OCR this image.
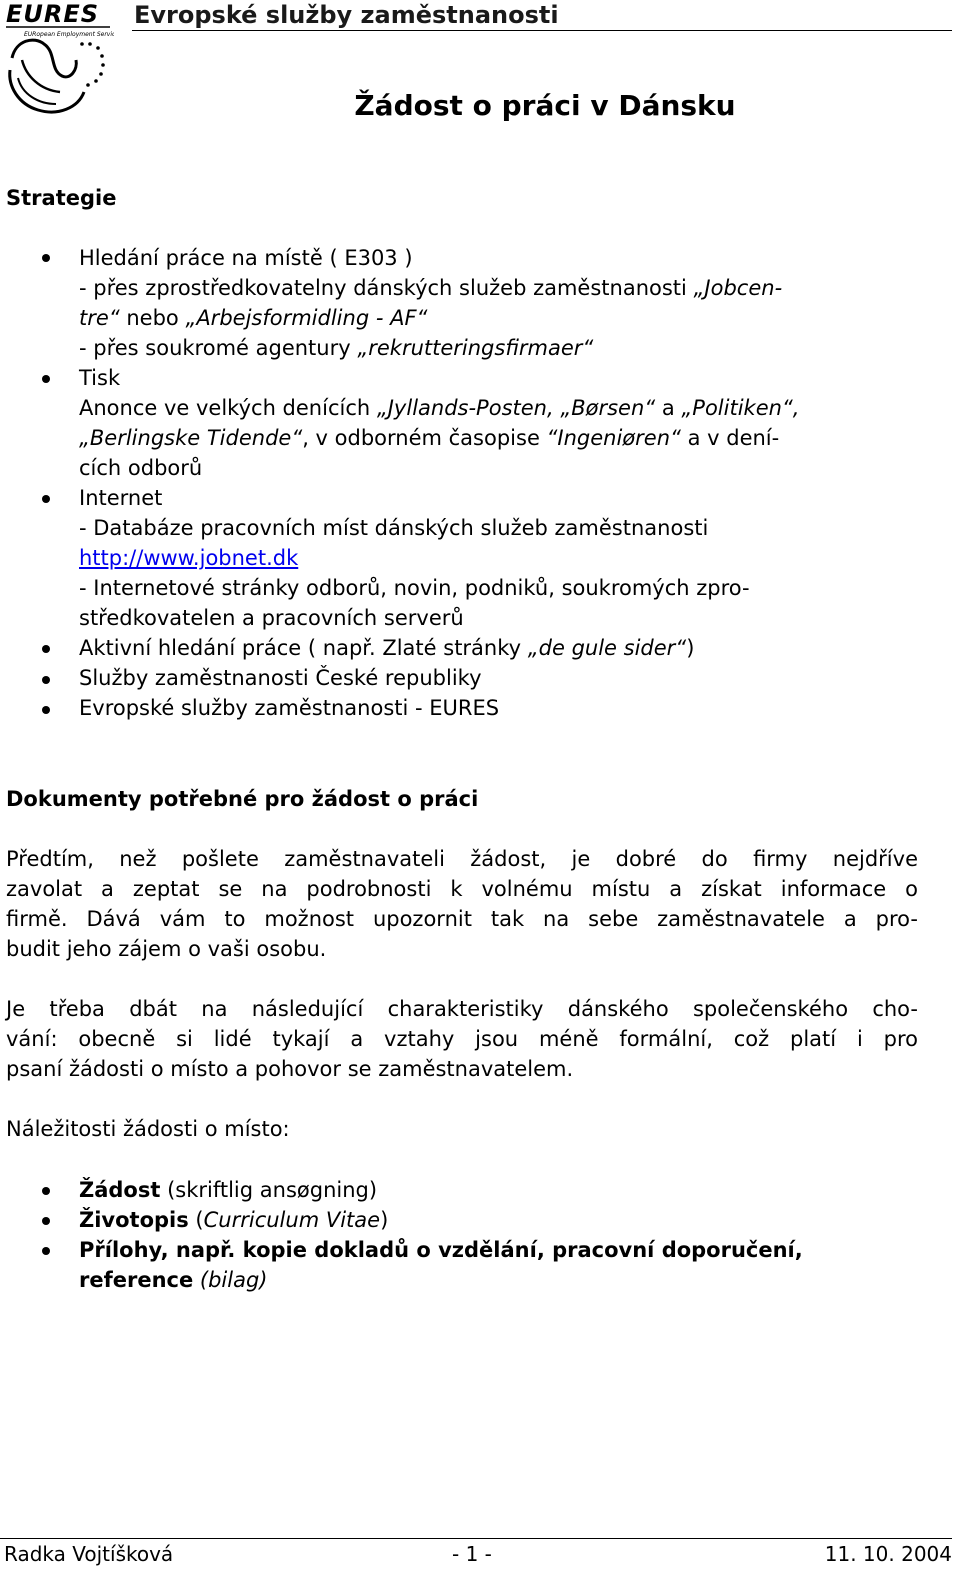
EURES
EURopean Employment Services
Evropské služby zaměstnanosti
Žádost o práci v Dánsku
Strategie
Hledání práce na místě ( E303 )
- přes zprostředkovatelny dánských služeb zaměstnanosti „Jobcen-
tre“ nebo „Arbejsformidling - AF“
- přes soukromé agentury „rekrutteringsfirmaer“
Tisk
Anonce ve velkých denících „Jyllands-Posten, „Børsen“ a „Politiken“,
„Berlingske Tidende“, v odborném časopise “Ingeniøren“ a v dení-
cích odborů
Internet
- Databáze pracovních míst dánských služeb zaměstnanosti
http://www.jobnet.dk
- Internetové stránky odborů, novin, podniků, soukromých zpro-
středkovatelen a pracovních serverů
Aktivní hledání práce ( např. Zlaté stránky „de gule sider“)
Služby zaměstnanosti České republiky
Evropské služby zaměstnanosti - EURES
Dokumenty potřebné pro žádost o práci
Předtím, než pošlete zaměstnavateli žádost, je dobré do firmy nejdříve
zavolat a zeptat se na podrobnosti k volnému místu a získat informace o
firmě. Dává vám to možnost upozornit tak na sebe zaměstnavatele a pro-
budit jeho zájem o vaši osobu.
Je třeba dbát na následující charakteristiky dánského společenského cho-
vání: obecně si lidé tykají a vztahy jsou méně formální, což platí i pro
psaní žádosti o místo a pohovor se zaměstnavatelem.
Náležitosti žádosti o místo:
Žádost (skriftlig ansøgning)
Životopis (Curriculum Vitae)
Přílohy, např. kopie dokladů o vzdělání, pracovní doporučení,
reference (bilag)
Radka Vojtíšková	- 1 -	11. 10. 2004
